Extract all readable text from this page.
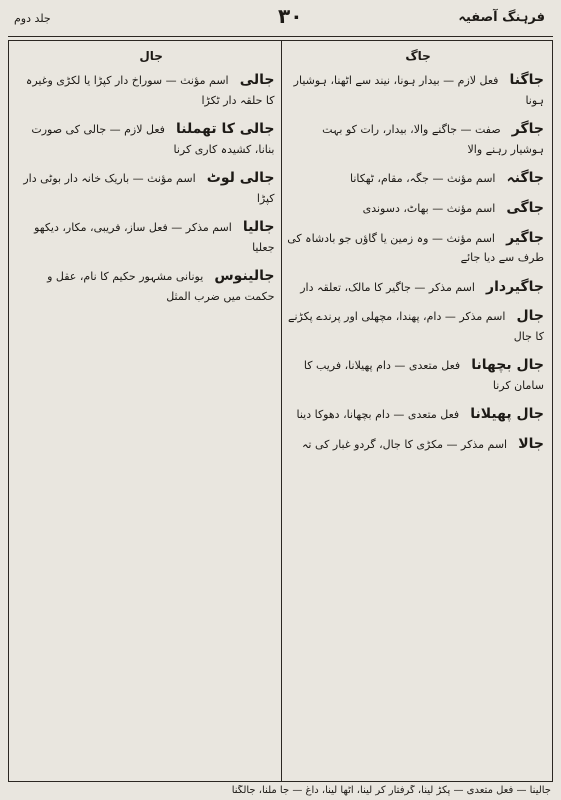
جلد دوم	۳۰	فرہنگ آصفیہ
جال	جاگ
جالی اسم مؤنث — سوراخ دار کپڑا یا لکڑی وغیرہ کا حلقہ دار ٹکڑا
جالی کا تھملنا فعل لازم — جالی کی صورت بنانا، کشیدہ کاری کرنا
جالی لوٹ اسم مؤنث — باریک خانہ دار بوٹی دار کپڑا
جالیا اسم مذکر — فعل ساز، فریبی، مکار، دیکھو جعلیا
جالینوس یونانی مشہور حکیم کا نام، عقل و حکمت میں ضرب المثل
جاگنا فعل لازم — بیدار ہونا، نیند سے اٹھنا، ہوشیار ہونا
جاگر صفت — جاگنے والا، بیدار، رات کو بہت ہوشیار رہنے والا
جاگنہ اسم مؤنث — جگہ، مقام، ٹھکانا
جاگی اسم مؤنث — بھاٹ، دسوندی
جاگیر اسم مؤنث — وہ زمین یا گاؤں جو بادشاہ کی طرف سے دیا جائے
جاگیردار اسم مذکر — جاگیر کا مالک، تعلقہ دار
جال اسم مذکر — دام، پھندا، مچھلی اور پرندے پکڑنے کا جال
جال بچھانا فعل متعدی — دام پھیلانا، فریب کا سامان کرنا
جال پھیلانا فعل متعدی — دام بچھانا، دھوکا دینا
جالا اسم مذکر — مکڑی کا جال، گردو غبار کی تہ
جالینا — فعل متعدی — پکڑ لینا، گرفتار کر لینا، اٹھا لینا، داغ — جا ملنا، جالگنا
